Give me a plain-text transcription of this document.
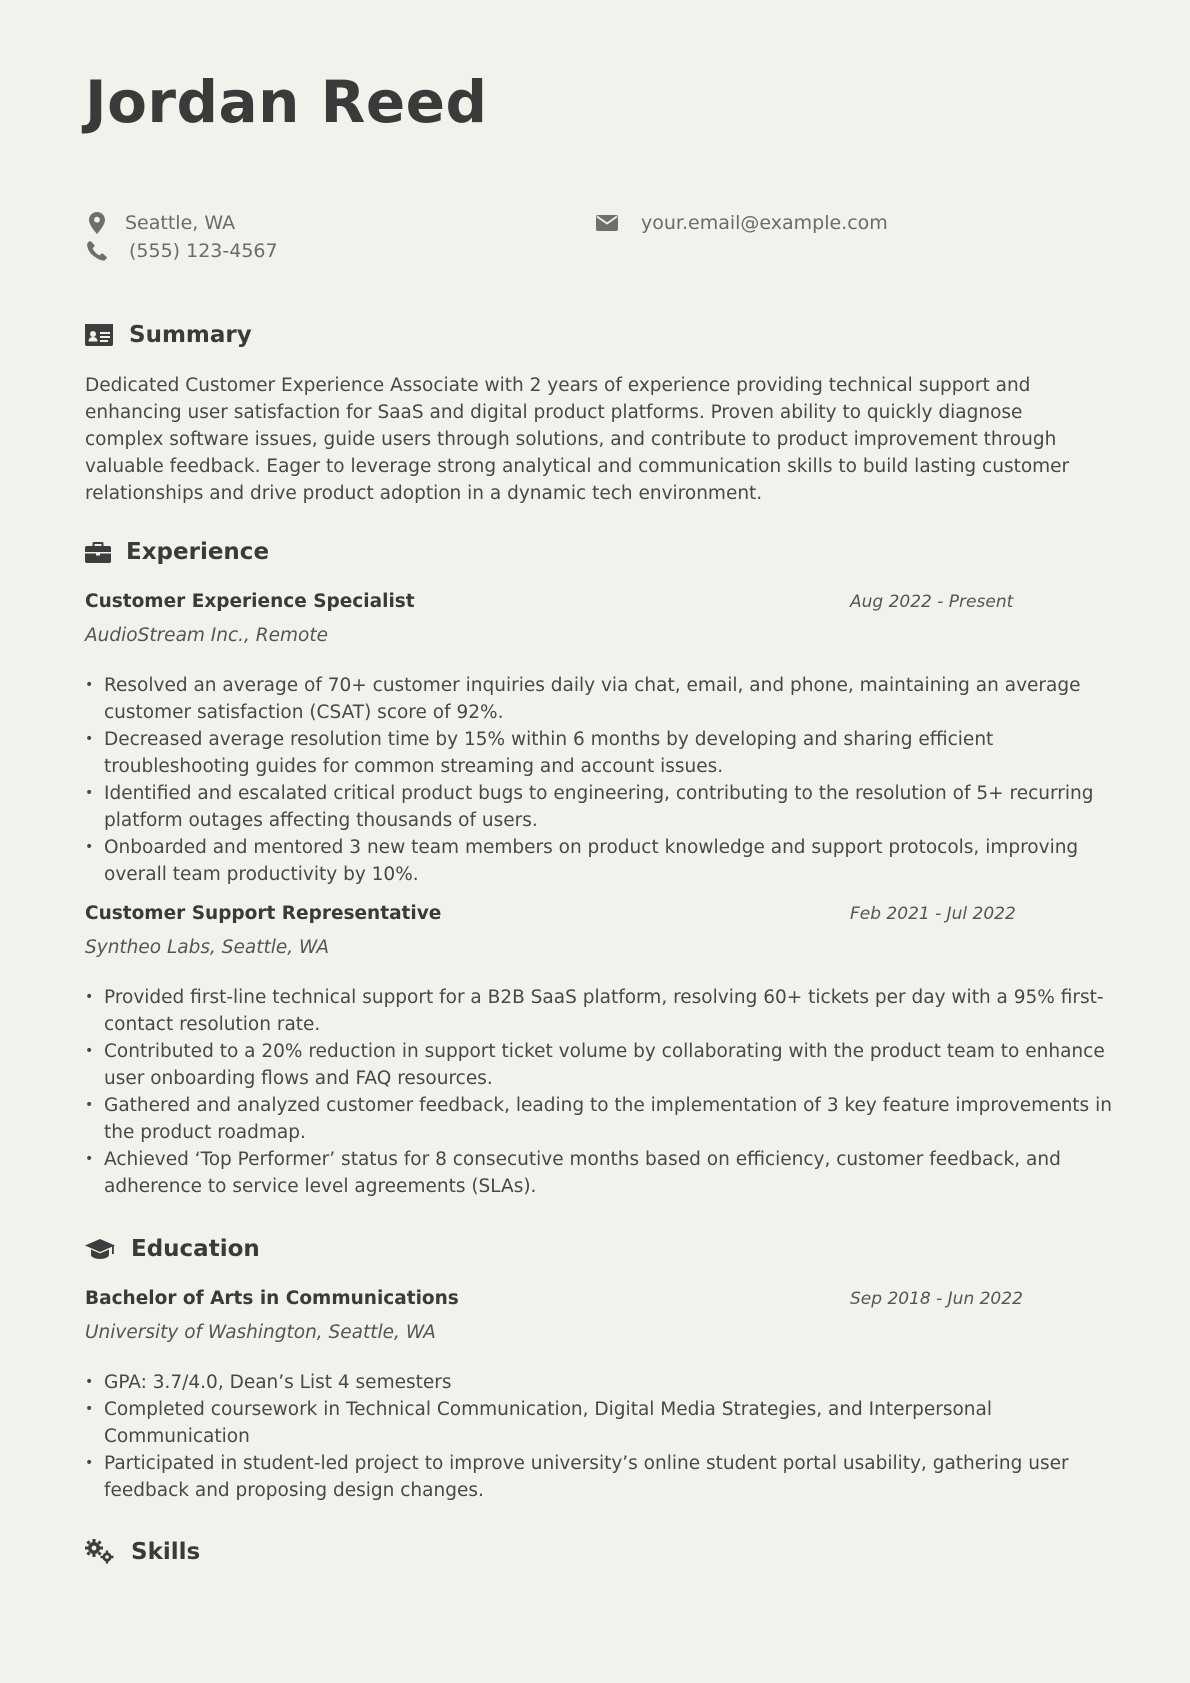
Jordan Reed
Seattle, WA
(555) 123-4567
your.email@example.com
Summary

Dedicated Customer Experience Associate with 2 years of experience providing technical support and enhancing user satisfaction for SaaS and digital product platforms. Proven ability to quickly diagnose complex software issues, guide users through solutions, and contribute to product improvement through valuable feedback. Eager to leverage strong analytical and communication skills to build lasting customer relationships and drive product adoption in a dynamic tech environment.

Experience
Customer Experience Specialist	Aug 2022 - Present
AudioStream Inc., Remote
• Resolved an average of 70+ customer inquiries daily via chat, email, and phone, maintaining an average customer satisfaction (CSAT) score of 92%.
• Decreased average resolution time by 15% within 6 months by developing and sharing efficient troubleshooting guides for common streaming and account issues.
• Identified and escalated critical product bugs to engineering, contributing to the resolution of 5+ recurring platform outages affecting thousands of users.
• Onboarded and mentored 3 new team members on product knowledge and support protocols, improving overall team productivity by 10%.
Customer Support Representative	Feb 2021 - Jul 2022
Syntheo Labs, Seattle, WA
• Provided first-line technical support for a B2B SaaS platform, resolving 60+ tickets per day with a 95% first-contact resolution rate.
• Contributed to a 20% reduction in support ticket volume by collaborating with the product team to enhance user onboarding flows and FAQ resources.
• Gathered and analyzed customer feedback, leading to the implementation of 3 key feature improvements in the product roadmap.
• Achieved ‘Top Performer’ status for 8 consecutive months based on efficiency, customer feedback, and adherence to service level agreements (SLAs).
Education
Bachelor of Arts in Communications	Sep 2018 - Jun 2022
University of Washington, Seattle, WA
• GPA: 3.7/4.0, Dean’s List 4 semesters
• Completed coursework in Technical Communication, Digital Media Strategies, and Interpersonal Communication
• Participated in student-led project to improve university’s online student portal usability, gathering user feedback and proposing design changes.
Skills
